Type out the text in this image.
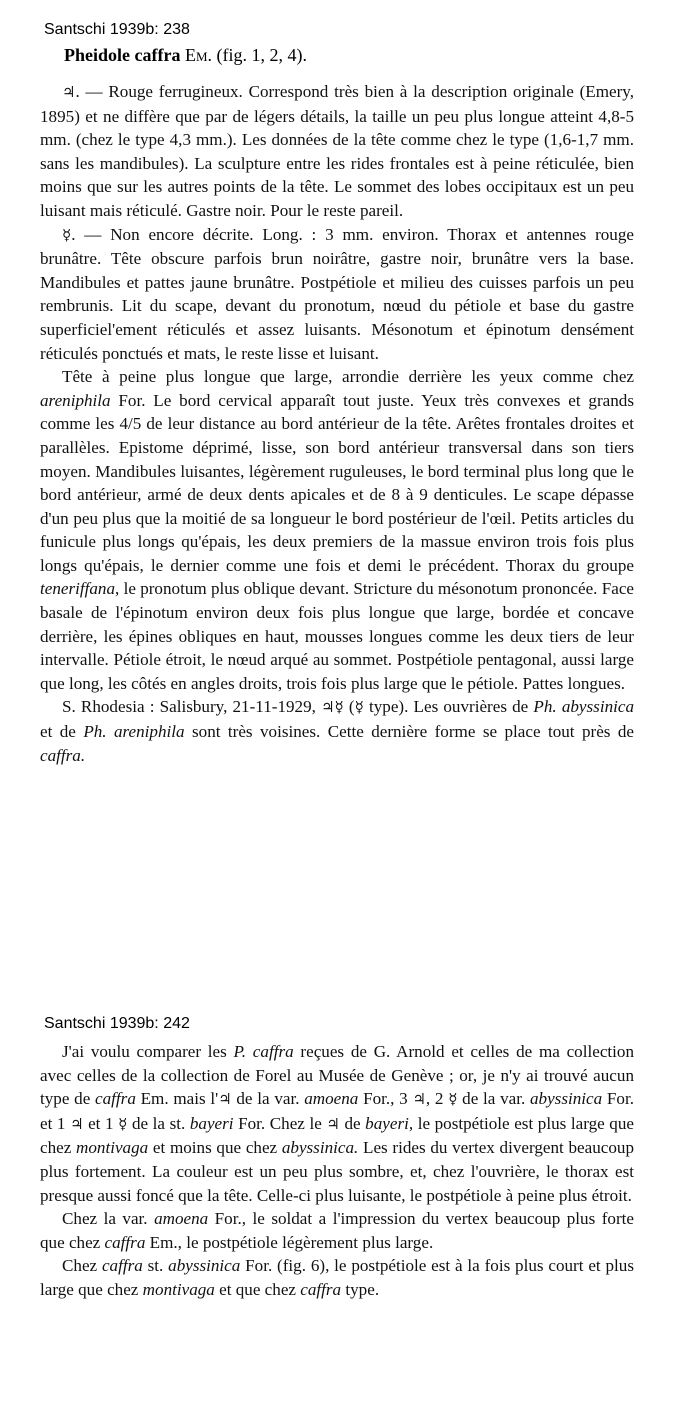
Santschi 1939b: 238
Pheidole caffra Em. (fig. 1, 2, 4).

♃. — Rouge ferrugineux. Correspond très bien à la description originale (Emery, 1895) et ne diffère que par de légers détails, la taille un peu plus longue atteint 4,8-5 mm. (chez le type 4,3 mm.). Les données de la tête comme chez le type (1,6-1,7 mm. sans les mandibules). La sculpture entre les rides frontales est à peine réticulée, bien moins que sur les autres points de la tête. Le sommet des lobes occipitaux est un peu luisant mais réticulé. Gastre noir. Pour le reste pareil.

☿. — Non encore décrite. Long. : 3 mm. environ. Thorax et antennes rouge brunâtre. Tête obscure parfois brun noirâtre, gastre noir, brunâtre vers la base. Mandibules et pattes jaune brunâtre. Postpétiole et milieu des cuisses parfois un peu rembrunis. Lit du scape, devant du pronotum, nœud du pétiole et base du gastre superficiel'ement réticulés et assez luisants. Mésonotum et épinotum densément réticulés ponctués et mats, le reste lisse et luisant.

Tête à peine plus longue que large, arrondie derrière les yeux comme chez areniphila For. Le bord cervical apparaît tout juste. Yeux très convexes et grands comme les 4/5 de leur distance au bord antérieur de la tête. Arêtes frontales droites et parallèles. Epistome déprimé, lisse, son bord antérieur transversal dans son tiers moyen. Mandibules luisantes, légèrement ruguleuses, le bord terminal plus long que le bord antérieur, armé de deux dents apicales et de 8 à 9 denticules. Le scape dépasse d'un peu plus que la moitié de sa longueur le bord postérieur de l'œil. Petits articles du funicule plus longs qu'épais, les deux premiers de la massue environ trois fois plus longs qu'épais, le dernier comme une fois et demi le précédent. Thorax du groupe teneriffana, le pronotum plus oblique devant. Stricture du mésonotum prononcée. Face basale de l'épinotum environ deux fois plus longue que large, bordée et concave derrière, les épines obliques en haut, mousses longues comme les deux tiers de leur intervalle. Pétiole étroit, le nœud arqué au sommet. Postpétiole pentagonal, aussi large que long, les côtés en angles droits, trois fois plus large que le pétiole. Pattes longues.

S. Rhodesia : Salisbury, 21-11-1929, ♃☿ (☿ type). Les ouvrières de Ph. abyssinica et de Ph. areniphila sont très voisines. Cette dernière forme se place tout près de caffra.

Santschi 1939b: 242

J'ai voulu comparer les P. caffra reçues de G. Arnold et celles de ma collection avec celles de la collection de Forel au Musée de Genève ; or, je n'y ai trouvé aucun type de caffra Em. mais l'♃ de la var. amoena For., 3 ♃, 2 ☿ de la var. abyssinica For. et 1 ♃ et 1 ☿ de la st. bayeri For. Chez le ♃ de bayeri, le postpétiole est plus large que chez montivaga et moins que chez abyssinica. Les rides du vertex divergent beaucoup plus fortement. La couleur est un peu plus sombre, et, chez l'ouvrière, le thorax est presque aussi foncé que la tête. Celle-ci plus luisante, le postpétiole à peine plus étroit.

Chez la var. amoena For., le soldat a l'impression du vertex beaucoup plus forte que chez caffra Em., le postpétiole légèrement plus large.

Chez caffra st. abyssinica For. (fig. 6), le postpétiole est à la fois plus court et plus large que chez montivaga et que chez caffra type.
